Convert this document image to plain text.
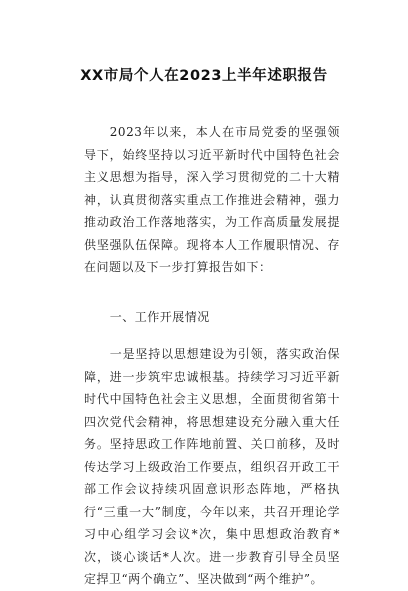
XX市局个人在2023上半年述职报告

2023年以来，本人在市局党委的坚强领导下，始终坚持以习近平新时代中国特色社会主义思想为指导，深入学习贯彻党的二十大精神，认真贯彻落实重点工作推进会精神，强力推动政治工作落地落实，为工作高质量发展提供坚强队伍保障。现将本人工作履职情况、存在问题以及下一步打算报告如下：

一、工作开展情况

一是坚持以思想建设为引领，落实政治保障，进一步筑牢忠诚根基。持续学习习近平新时代中国特色社会主义思想，全面贯彻省第十四次党代会精神，将思想建设充分融入重大任务。坚持思政工作阵地前置、关口前移，及时传达学习上级政治工作要点，组织召开政工干部工作会议持续巩固意识形态阵地，严格执行“三重一大”制度，今年以来，共召开理论学习中心组学习会议*次，集中思想政治教育*次，谈心谈话*人次。进一步教育引导全员坚定捍卫“两个确立”、坚决做到“两个维护”。
